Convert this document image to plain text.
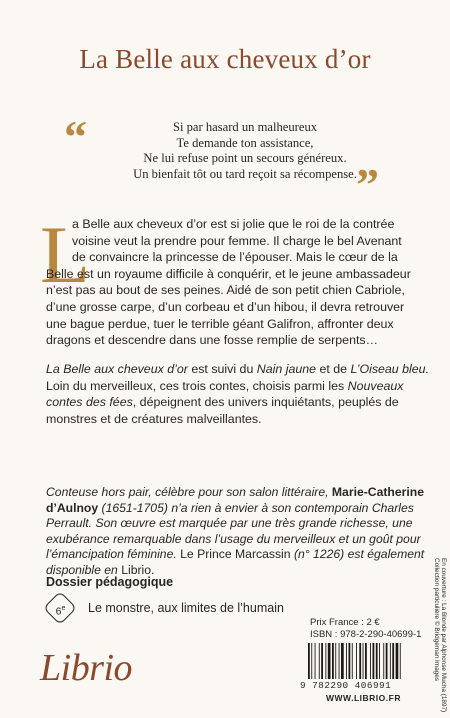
La Belle aux cheveux d’or
“	Si par hasard un malheureux
Te demande ton assistance,
Ne lui refuse point un secours généreux.
Un bienfait tôt ou tard reçoit sa récompense. ”
L
a Belle aux cheveux d’or est si jolie que le roi de la contrée
voisine veut la prendre pour femme. Il charge le bel Avenant
de convaincre la princesse de l’épouser. Mais le cœur de la
Belle est un royaume difficile à conquérir, et le jeune ambassadeur
n’est pas au bout de ses peines. Aidé de son petit chien Cabriole,
d’une grosse carpe, d’un corbeau et d’un hibou, il devra retrouver
une bague perdue, tuer le terrible géant Galifron, affronter deux
dragons et descendre dans une fosse remplie de serpents…
La Belle aux cheveux d’or est suivi du Nain jaune et de L’Oiseau bleu.
Loin du merveilleux, ces trois contes, choisis parmi les Nouveaux
contes des fées, dépeignent des univers inquiétants, peuplés de
monstres et de créatures malveillantes.
Conteuse hors pair, célèbre pour son salon littéraire, Marie-Catherine
d’Aulnoy (1651-1705) n’a rien à envier à son contemporain Charles
Perrault. Son œuvre est marquée par une très grande richesse, une
exubérance remarquable dans l’usage du merveilleux et un goût pour
l’émancipation féminine. Le Prince Marcassin (n° 1226) est également
disponible en Librio.
Dossier pédagogique
6e	Le monstre, aux limites de l’humain
Librio
Prix France : 2 €
ISBN : 978-2-290-40699-1
9 782290 406991
WWW.LIBRIO.FR	En couverture : La Blonde par Alphonse Mucha (1897)
Collection particulière © Bridgeman Images
